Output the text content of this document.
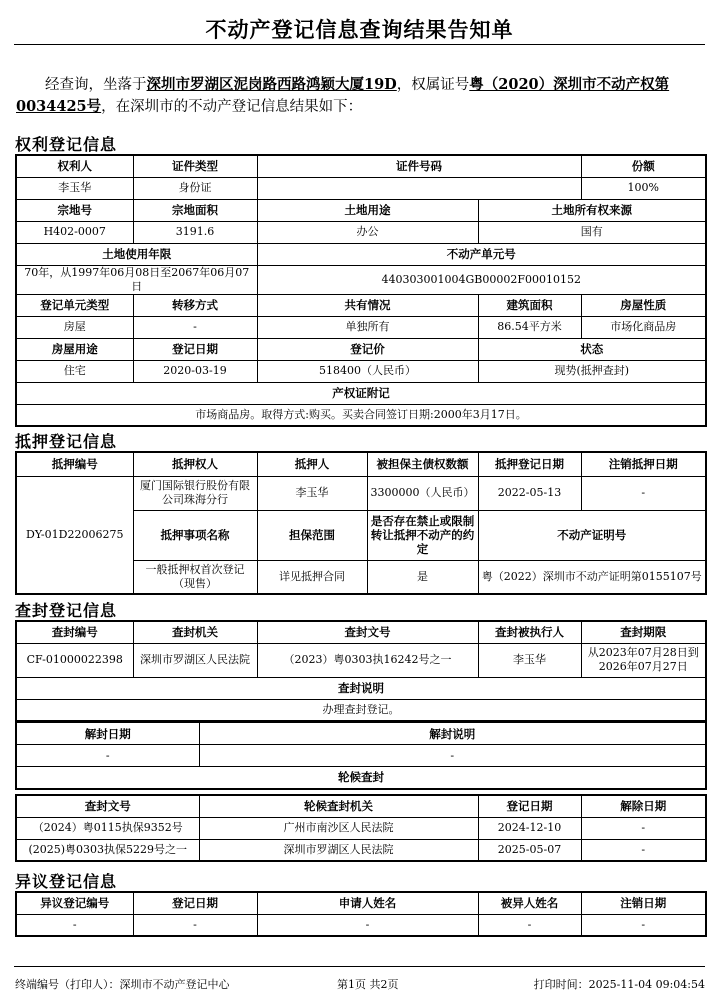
不动产登记信息查询结果告知单
经查询，坐落于深圳市罗湖区泥岗路西路鸿颖大厦19D，权属证号粤（2020）深圳市不动产权第0034425号，在深圳市的不动产登记信息结果如下：
权利登记信息
权利人	证件类型	证件号码		份额
李玉华	身份证			100%
宗地号	宗地面积	土地用途	土地所有权来源	
H402-0007	3191.6	办公	国有	
土地使用年限		不动产单元号		
70年，从1997年06月08日至2067年06月07日		440303001004GB00002F00010152		
登记单元类型	转移方式	共有情况	建筑面积	房屋性质
房屋	-	单独所有	86.54平方米	市场化商品房
房屋用途	登记日期	登记价	状态	
住宅	2020-03-19	518400（人民币）	现势(抵押查封)	
产权证附记				
市场商品房。取得方式:购买。买卖合同签订日期:2000年3月17日。				
抵押登记信息
抵押编号	抵押权人	抵押人	被担保主债权数额	抵押登记日期	注销抵押日期
DY-01D22006275	厦门国际银行股份有限公司珠海分行	李玉华	3300000（人民币）	2022-05-13	-
	抵押事项名称	担保范围	是否存在禁止或限制转让抵押不动产的约定	不动产证明号	
	一般抵押权首次登记（现售）	详见抵押合同	是	粤（2022）深圳市不动产证明第0155107号	
查封登记信息
查封编号	查封机关	查封文号	查封被执行人	查封期限
CF-01000022398	深圳市罗湖区人民法院	（2023）粤0303执16242号之一	李玉华	从2023年07月28日到2026年07月27日
查封说明				
办理查封登记。				
解封日期	解封说明
-	-
轮候查封	
查封文号	轮候查封机关	登记日期	解除日期
（2024）粤0115执保9352号	广州市南沙区人民法院	2024-12-10	-
(2025)粤0303执保5229号之一	深圳市罗湖区人民法院	2025-05-07	-
异议登记信息
异议登记编号	登记日期	申请人姓名	被异人姓名	注销日期
-	-	-	-	-
终端编号（打印人）：深圳市不动产登记中心	第1页 共2页	打印时间：2025-11-04 09:04:54
